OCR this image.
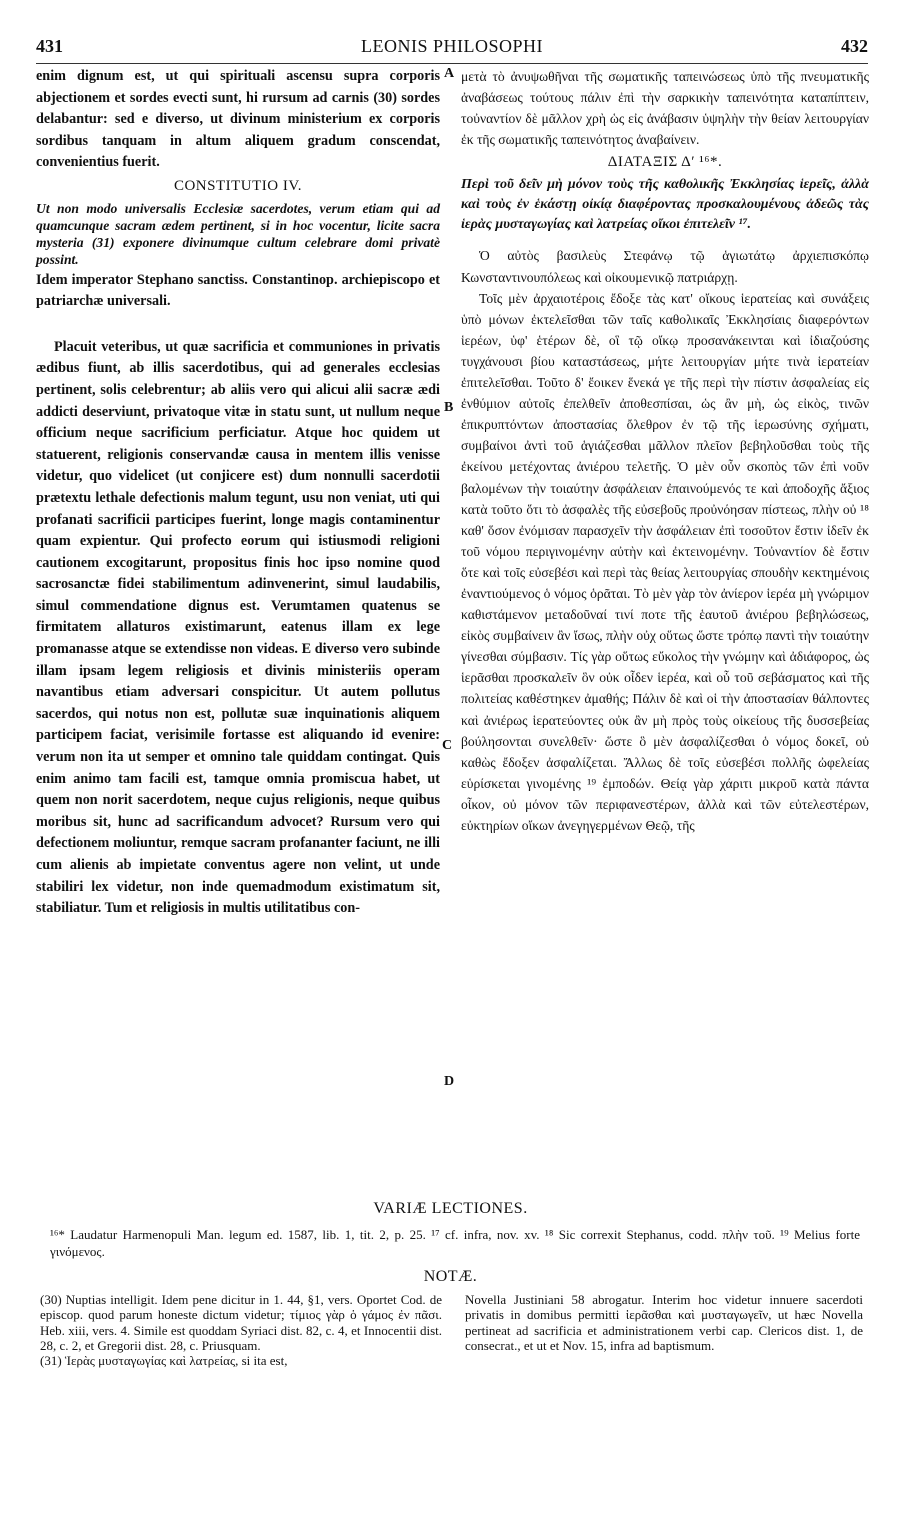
431	LEONIS PHILOSOPHI	432

enim dignum est, ut qui spirituali ascensu supra corporis abjectionem et sordes evecti sunt, hi rursum ad carnis (30) sordes delabantur: sed e diverso, ut divinum ministerium ex corporis sordibus tanquam in altum aliquem gradum conscendat, convenientius fuerit.

CONSTITUTIO IV.

Ut non modo universalis Ecclesiæ sacerdotes, verum etiam qui ad quamcunque sacram ædem pertinent, si in hoc vocentur, licite sacra mysteria (31) exponere divinumque cultum celebrare domi privatè possint.

Idem imperator Stephano sanctiss. Constantinop. archiepiscopo et patriarchæ universali.

Placuit veteribus, ut quæ sacrificia et communiones in privatis ædibus fiunt, ab illis sacerdotibus, qui ad generales ecclesias pertinent, solis celebrentur; ab aliis vero qui alicui alii sacræ ædi addicti deserviunt, privatoque vitæ in statu sunt, ut nullum neque officium neque sacrificium perficiatur. Atque hoc quidem ut statuerent, religionis conservandæ causa in mentem illis venisse videtur, quo videlicet (ut conjicere est) dum nonnulli sacerdotii prætextu lethale defectionis malum tegunt, usu non veniat, uti qui profanati sacrificii participes fuerint, longe magis contaminentur quam expientur. Qui profecto eorum qui istiusmodi religioni cautionem excogitarunt, propositus finis hoc ipso nomine quod sacrosanctæ fidei stabilimentum adinvenerint, simul laudabilis, simul commendatione dignus est. Verumtamen quatenus se firmitatem allaturos existimarunt, eatenus illam ex lege promanasse atque se extendisse non videas. E diverso vero subinde illam ipsam legem religiosis et divinis ministeriis operam navantibus etiam adversari conspicitur. Ut autem pollutus sacerdos, qui notus non est, pollutæ suæ inquinationis aliquem participem faciat, verisimile fortasse est aliquando id evenire: verum non ita ut semper et omnino tale quiddam contingat. Quis enim animo tam facili est, tamque omnia promiscua habet, ut quem non norit sacerdotem, neque cujus religionis, neque quibus moribus sit, hunc ad sacrificandum advocet? Rursum vero qui defectionem moliuntur, remque sacram profananter faciunt, ne illi cum alienis ab impietate conventus agere non velint, ut unde stabiliri lex videtur, non inde quemadmodum existimatum sit, stabiliatur. Tum et religiosis in multis utilitatibus con-

μετὰ τὸ ἀνυψωθῆναι τῆς σωματικῆς ταπεινώσεως ὑπὸ τῆς πνευματικῆς ἀναβάσεως τούτους πάλιν ἐπὶ τὴν σαρκικὴν ταπεινότητα καταπίπτειν, τοὐναντίον δὲ μᾶλλον χρὴ ὡς εἰς ἀνάβασιν ὑψηλὴν τὴν θείαν λειτουργίαν ἐκ τῆς σωματικῆς ταπεινότητος ἀναβαίνειν.

ΔΙΑΤΑΞΙΣ Δʹ ¹⁶*.

Περὶ τοῦ δεῖν μὴ μόνον τοὺς τῆς καθολικῆς Ἐκκλησίας ἱερεῖς, ἀλλὰ καὶ τοὺς ἐν ἑκάστῃ οἰκίᾳ διαφέροντας προσκαλουμένους ἀδεῶς τὰς ἱερὰς μυσταγωγίας καὶ λατρείας οἴκοι ἐπιτελεῖν ¹⁷.

Ὁ αὐτὸς βασιλεὺς Στεφάνῳ τῷ ἁγιωτάτῳ ἀρχιεπισκόπῳ Κωνσταντινουπόλεως καὶ οἰκουμενικῷ πατριάρχῃ.

Τοῖς μὲν ἀρχαιοτέροις ἔδοξε τὰς κατ' οἴκους ἱερατείας καὶ συνάξεις ὑπὸ μόνων ἐκτελεῖσθαι τῶν ταῖς καθολικαῖς Ἐκκλησίαις διαφερόντων ἱερέων, ὑφ' ἑτέρων δὲ, οἳ τῷ οἴκῳ προσανάκεινται καὶ ἰδιαζούσης τυγχάνουσι βίου καταστάσεως, μήτε λειτουργίαν μήτε τινὰ ἱερατείαν ἐπιτελεῖσθαι. Τοῦτο δ' ἔοικεν ἕνεκά γε τῆς περὶ τὴν πίστιν ἀσφαλείας εἰς ἐνθύμιον αὐτοῖς ἐπελθεῖν ἀποθεσπίσαι, ὡς ἂν μὴ, ὡς εἰκὸς, τινῶν ἐπικρυπτόντων ἀποστασίας ὄλεθρον ἐν τῷ τῆς ἱερωσύνης σχήματι, συμβαίνοι ἀντὶ τοῦ ἁγιάζεσθαι μᾶλλον πλεῖον βεβηλοῦσθαι τοὺς τῆς ἐκείνου μετέχοντας ἀνιέρου τελετῆς. Ὁ μὲν οὖν σκοπὸς τῶν ἐπὶ νοῦν βαλομένων τὴν τοιαύτην ἀσφάλειαν ἐπαινούμενός τε καὶ ἀποδοχῆς ἄξιος κατὰ τοῦτο ὅτι τὸ ἀσφαλὲς τῆς εὐσεβοῦς προὐνόησαν πίστεως, πλὴν οὐ ¹⁸ καθ' ὅσον ἐνόμισαν παρασχεῖν τὴν ἀσφάλειαν ἐπὶ τοσοῦτον ἔστιν ἰδεῖν ἐκ τοῦ νόμου περιγινομένην αὐτὴν καὶ ἐκτεινομένην. Τοὐναντίον δὲ ἔστιν ὅτε καὶ τοῖς εὐσεβέσι καὶ περὶ τὰς θείας λειτουργίας σπουδὴν κεκτημένοις ἐναντιούμενος ὁ νόμος ὁρᾶται. Τὸ μὲν γὰρ τὸν ἀνίερον ἱερέα μὴ γνώριμον καθιστάμενον μεταδοῦναί τινί ποτε τῆς ἑαυτοῦ ἀνιέρου βεβηλώσεως, εἰκὸς συμβαίνειν ἂν ἴσως, πλὴν οὐχ οὕτως ὥστε τρόπῳ παντὶ τὴν τοιαύτην γίνεσθαι σύμβασιν. Τίς γὰρ οὕτως εὔκολος τὴν γνώμην καὶ ἀδιάφορος, ὡς ἱερᾶσθαι προσκαλεῖν ὃν οὐκ οἶδεν ἱερέα, καὶ οὗ τοῦ σεβάσματος καὶ τῆς πολιτείας καθέστηκεν ἀμαθής; Πάλιν δὲ καὶ οἱ τὴν ἀποστασίαν θάλποντες καὶ ἀνιέρως ἱερατεύοντες οὐκ ἂν μὴ πρὸς τοὺς οἰκείους τῆς δυσσεβείας βούλησονται συνελθεῖν· ὥστε ὃ μὲν ἀσφαλίζεσθαι ὁ νόμος δοκεῖ, οὐ καθὼς ἔδοξεν ἀσφαλίζεται. Ἄλλως δὲ τοῖς εὐσεβέσι πολλῆς ὠφελείας εὑρίσκεται γινομένης ¹⁹ ἐμποδών. Θείᾳ γὰρ χάριτι μικροῦ κατὰ πάντα οἶκον, οὐ μόνον τῶν περιφανεστέρων, ἀλλὰ καὶ τῶν εὐτελεστέρων, εὐκτηρίων οἴκων ἀνεγηγερμένων Θεῷ, τῆς

A
B
C
D
VARIÆ LECTIONES.
¹⁶* Laudatur Harmenopuli Man. legum ed. 1587, lib. 1, tit. 2, p. 25. ¹⁷ cf. infra, nov. xv. ¹⁸ Sic correxit Stephanus, codd. πλὴν τοῦ. ¹⁹ Melius forte γινόμενος.
NOTÆ.

(30) Nuptias intelligit. Idem pene dicitur in 1. 44, §1, vers. Oportet Cod. de episcop. quod parum honeste dictum videtur; τίμιος γὰρ ὁ γάμος ἐν πᾶσι. Heb. xiii, vers. 4. Simile est quoddam Syriaci dist. 82, c. 4, et Innocentii dist. 28, c. 2, et Gregorii dist. 28, c. Priusquam.

(31) Ἱερὰς μυσταγωγίας καὶ λατρείας, si ita est,

Novella Justiniani 58 abrogatur. Interim hoc videtur innuere sacerdoti privatis in domibus permitti ἱερᾶσθαι καὶ μυσταγωγεῖν, ut hæc Novella pertineat ad sacrificia et administrationem verbi cap. Clericos dist. 1, de consecrat., et ut et Nov. 15, infra ad baptismum.
